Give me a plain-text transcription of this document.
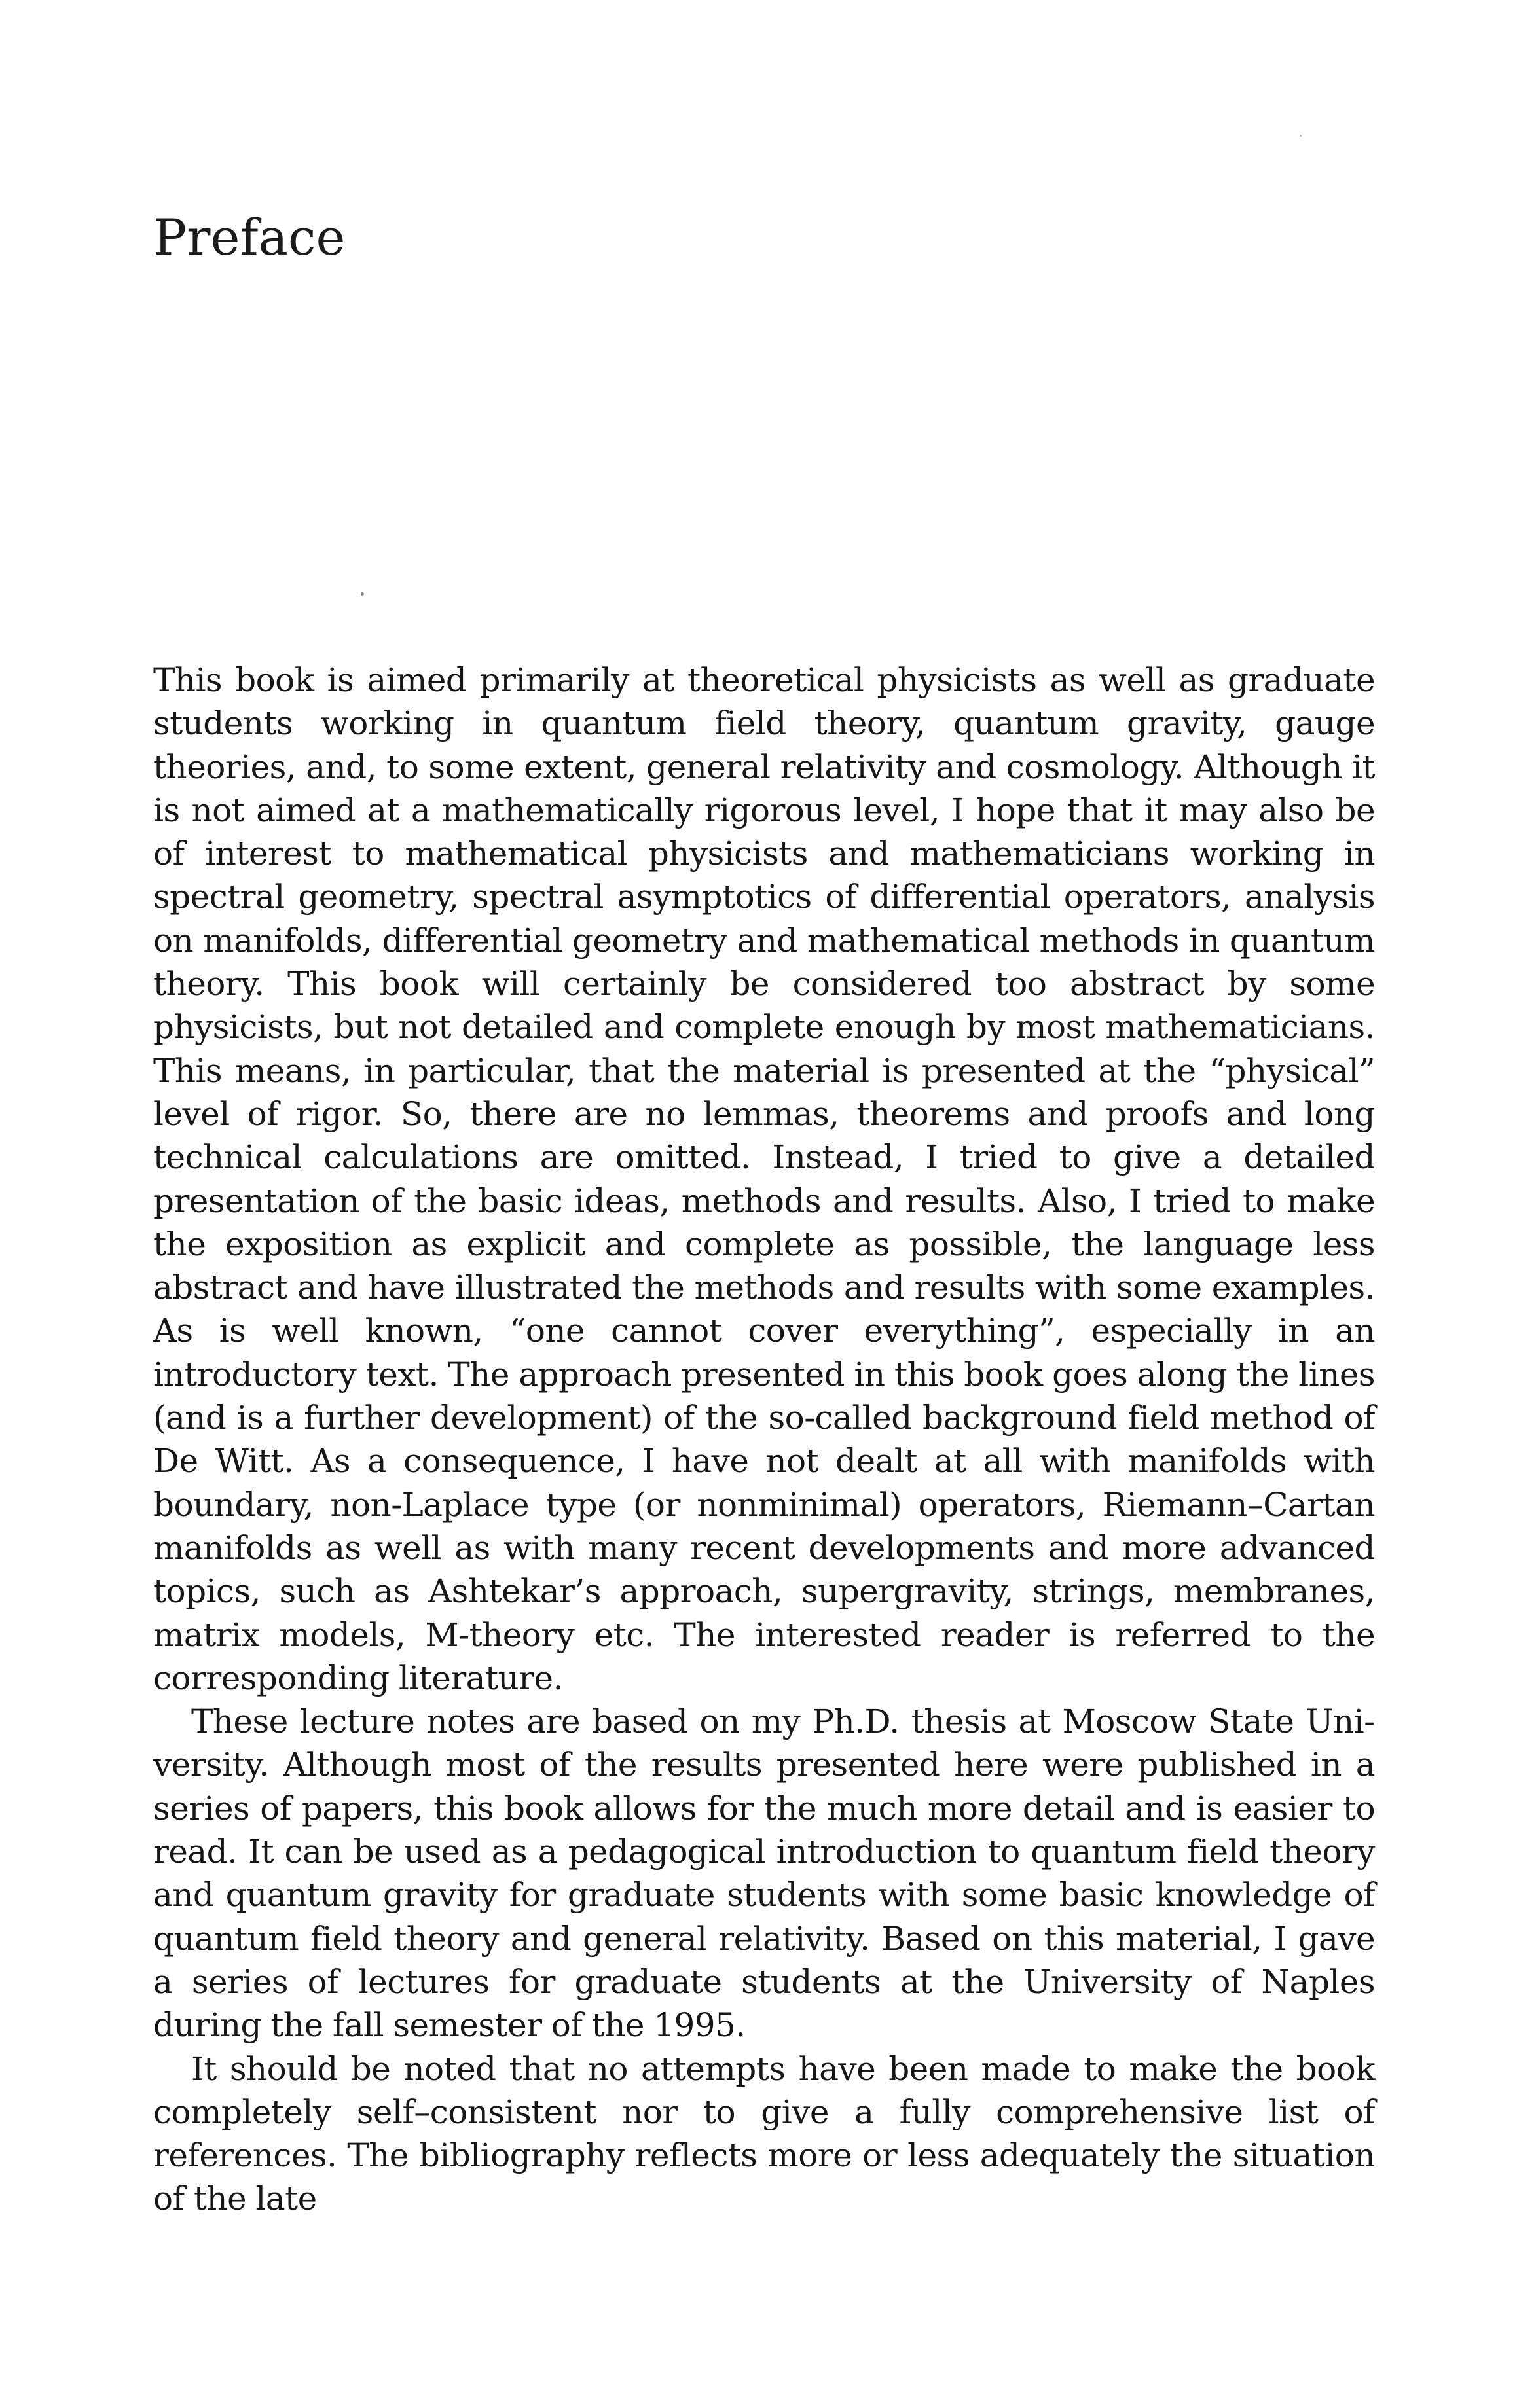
Preface

This book is aimed primarily at theoretical physicists as well as graduate students working in quantum field theory, quantum gravity, gauge theories, and, to some extent, general relativity and cosmology. Although it is not aimed at a mathematically rigorous level, I hope that it may also be of interest to mathematical physicists and mathematicians working in spectral geometry, spectral asymptotics of differential operators, analysis on manifolds, differential geometry and mathematical methods in quantum theory. This book will certainly be considered too abstract by some physicists, but not detailed and complete enough by most mathematicians. This means, in particular, that the material is presented at the “physical” level of rigor. So, there are no lemmas, theorems and proofs and long technical calculations are omitted. Instead, I tried to give a detailed presentation of the basic ideas, methods and results. Also, I tried to make the exposition as explicit and complete as possible, the language less abstract and have illustrated the methods and results with some examples. As is well known, “one cannot cover everything”, especially in an introductory text. The approach presented in this book goes along the lines (and is a further development) of the so-called background field method of De Witt. As a consequence, I have not dealt at all with manifolds with boundary, non-Laplace type (or nonminimal) operators, Riemann–Cartan manifolds as well as with many recent developments and more advanced topics, such as Ashtekar’s approach, supergravity, strings, membranes, matrix models, M-theory etc. The interested reader is referred to the corresponding literature.

These lecture notes are based on my Ph.D. thesis at Moscow State University. Although most of the results presented here were published in a series of papers, this book allows for the much more detail and is easier to read. It can be used as a pedagogical introduction to quantum field theory and quantum gravity for graduate students with some basic knowledge of quantum field theory and general relativity. Based on this material, I gave a series of lectures for graduate students at the University of Naples during the fall semester of the 1995.

It should be noted that no attempts have been made to make the book completely self–consistent nor to give a fully comprehensive list of references. The bibliography reflects more or less adequately the situation of the late
